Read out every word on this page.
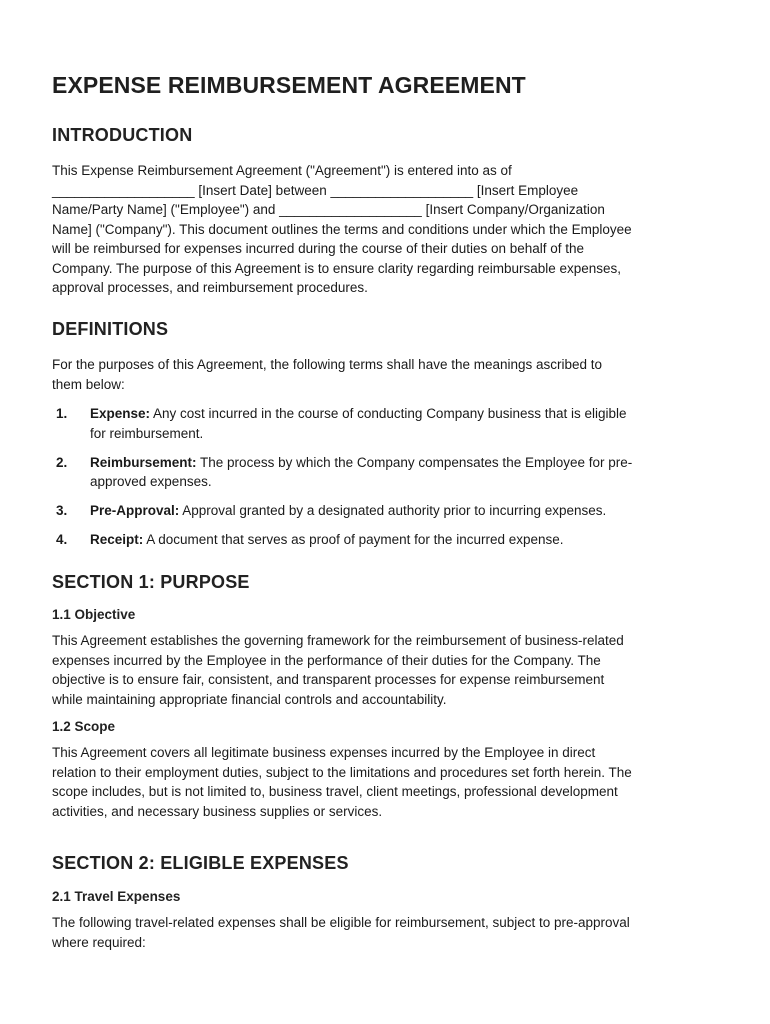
EXPENSE REIMBURSEMENT AGREEMENT
INTRODUCTION

This Expense Reimbursement Agreement ("Agreement") is entered into as of
___________________ [Insert Date] between ___________________ [Insert Employee
Name/Party Name] ("Employee") and ___________________ [Insert Company/Organization
Name] ("Company"). This document outlines the terms and conditions under which the Employee
will be reimbursed for expenses incurred during the course of their duties on behalf of the
Company. The purpose of this Agreement is to ensure clarity regarding reimbursable expenses,
approval processes, and reimbursement procedures.

DEFINITIONS

For the purposes of this Agreement, the following terms shall have the meanings ascribed to
them below:

1. Expense: Any cost incurred in the course of conducting Company business that is eligible
for reimbursement.
2. Reimbursement: The process by which the Company compensates the Employee for pre-
approved expenses.
3. Pre-Approval: Approval granted by a designated authority prior to incurring expenses.
4. Receipt: A document that serves as proof of payment for the incurred expense.
SECTION 1: PURPOSE
1.1 Objective

This Agreement establishes the governing framework for the reimbursement of business-related
expenses incurred by the Employee in the performance of their duties for the Company. The
objective is to ensure fair, consistent, and transparent processes for expense reimbursement
while maintaining appropriate financial controls and accountability.

1.2 Scope

This Agreement covers all legitimate business expenses incurred by the Employee in direct
relation to their employment duties, subject to the limitations and procedures set forth herein. The
scope includes, but is not limited to, business travel, client meetings, professional development
activities, and necessary business supplies or services.

SECTION 2: ELIGIBLE EXPENSES
2.1 Travel Expenses

The following travel-related expenses shall be eligible for reimbursement, subject to pre-approval
where required:
